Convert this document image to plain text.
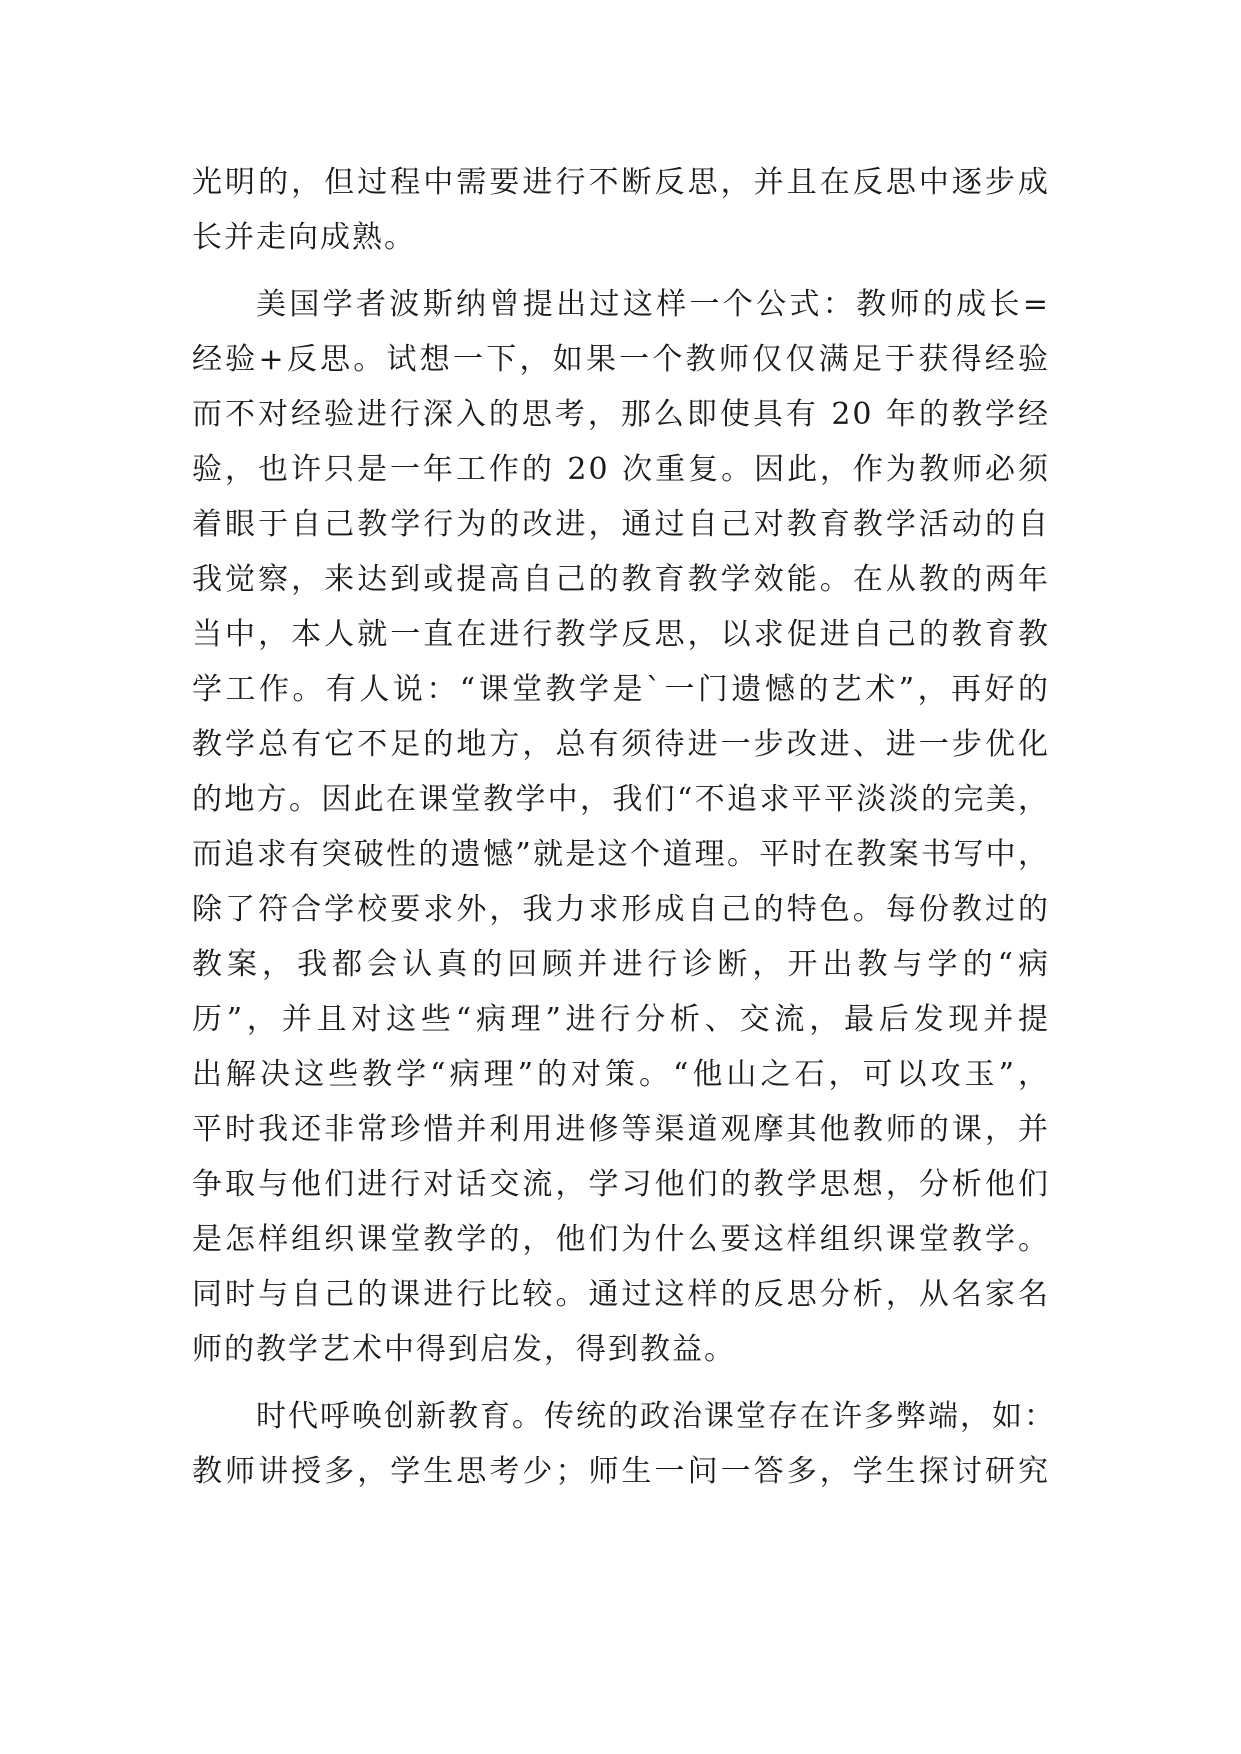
光明的，但过程中需要进行不断反思，并且在反思中逐步成
长并走向成熟。
美国学者波斯纳曾提出过这样一个公式：教师的成长=
经验+反思。试想一下，如果一个教师仅仅满足于获得经验
而不对经验进行深入的思考，那么即使具有 20 年的教学经
验，也许只是一年工作的 20 次重复。因此，作为教师必须
着眼于自己教学行为的改进，通过自己对教育教学活动的自
我觉察，来达到或提高自己的教育教学效能。在从教的两年
当中，本人就一直在进行教学反思，以求促进自己的教育教
学工作。有人说：“课堂教学是`一门遗憾的艺术”，再好的
教学总有它不足的地方，总有须待进一步改进、进一步优化
的地方。因此在课堂教学中，我们“不追求平平淡淡的完美，
而追求有突破性的遗憾”就是这个道理。平时在教案书写中，
除了符合学校要求外，我力求形成自己的特色。每份教过的
教案，我都会认真的回顾并进行诊断，开出教与学的“病
历”，并且对这些“病理”进行分析、交流，最后发现并提
出解决这些教学“病理”的对策。“他山之石，可以攻玉”，
平时我还非常珍惜并利用进修等渠道观摩其他教师的课，并
争取与他们进行对话交流，学习他们的教学思想，分析他们
是怎样组织课堂教学的，他们为什么要这样组织课堂教学。
同时与自己的课进行比较。通过这样的反思分析，从名家名
师的教学艺术中得到启发，得到教益。
时代呼唤创新教育。传统的政治课堂存在许多弊端，如：
教师讲授多，学生思考少；师生一问一答多，学生探讨研究
